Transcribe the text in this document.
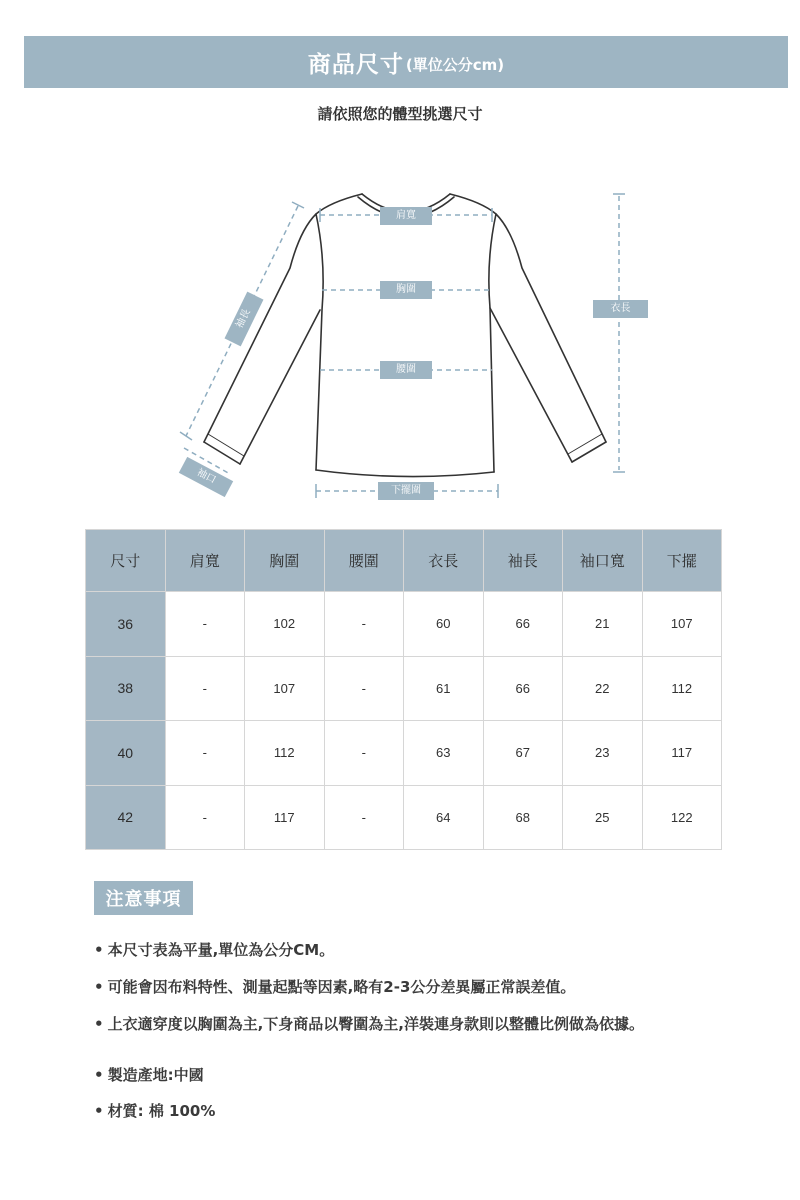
商品尺寸 (單位公分cm)
請依照您的體型挑選尺寸
肩寬
胸圍
腰圍
下擺圍
衣長
袖長
袖口
尺寸	肩寬	胸圍	腰圍	衣長	袖長	袖口寬	下擺
36	-	102	-	60	66	21	107
38	-	107	-	61	66	22	112
40	-	112	-	63	67	23	117
42	-	117	-	64	68	25	122
注意事項
• 本尺寸表為平量,單位為公分CM。
• 可能會因布料特性、測量起點等因素,略有2-3公分差異屬正常誤差值。
• 上衣適穿度以胸圍為主,下身商品以臀圍為主,洋裝連身款則以整體比例做為依據。
• 製造產地:中國
• 材質: 棉 100%
